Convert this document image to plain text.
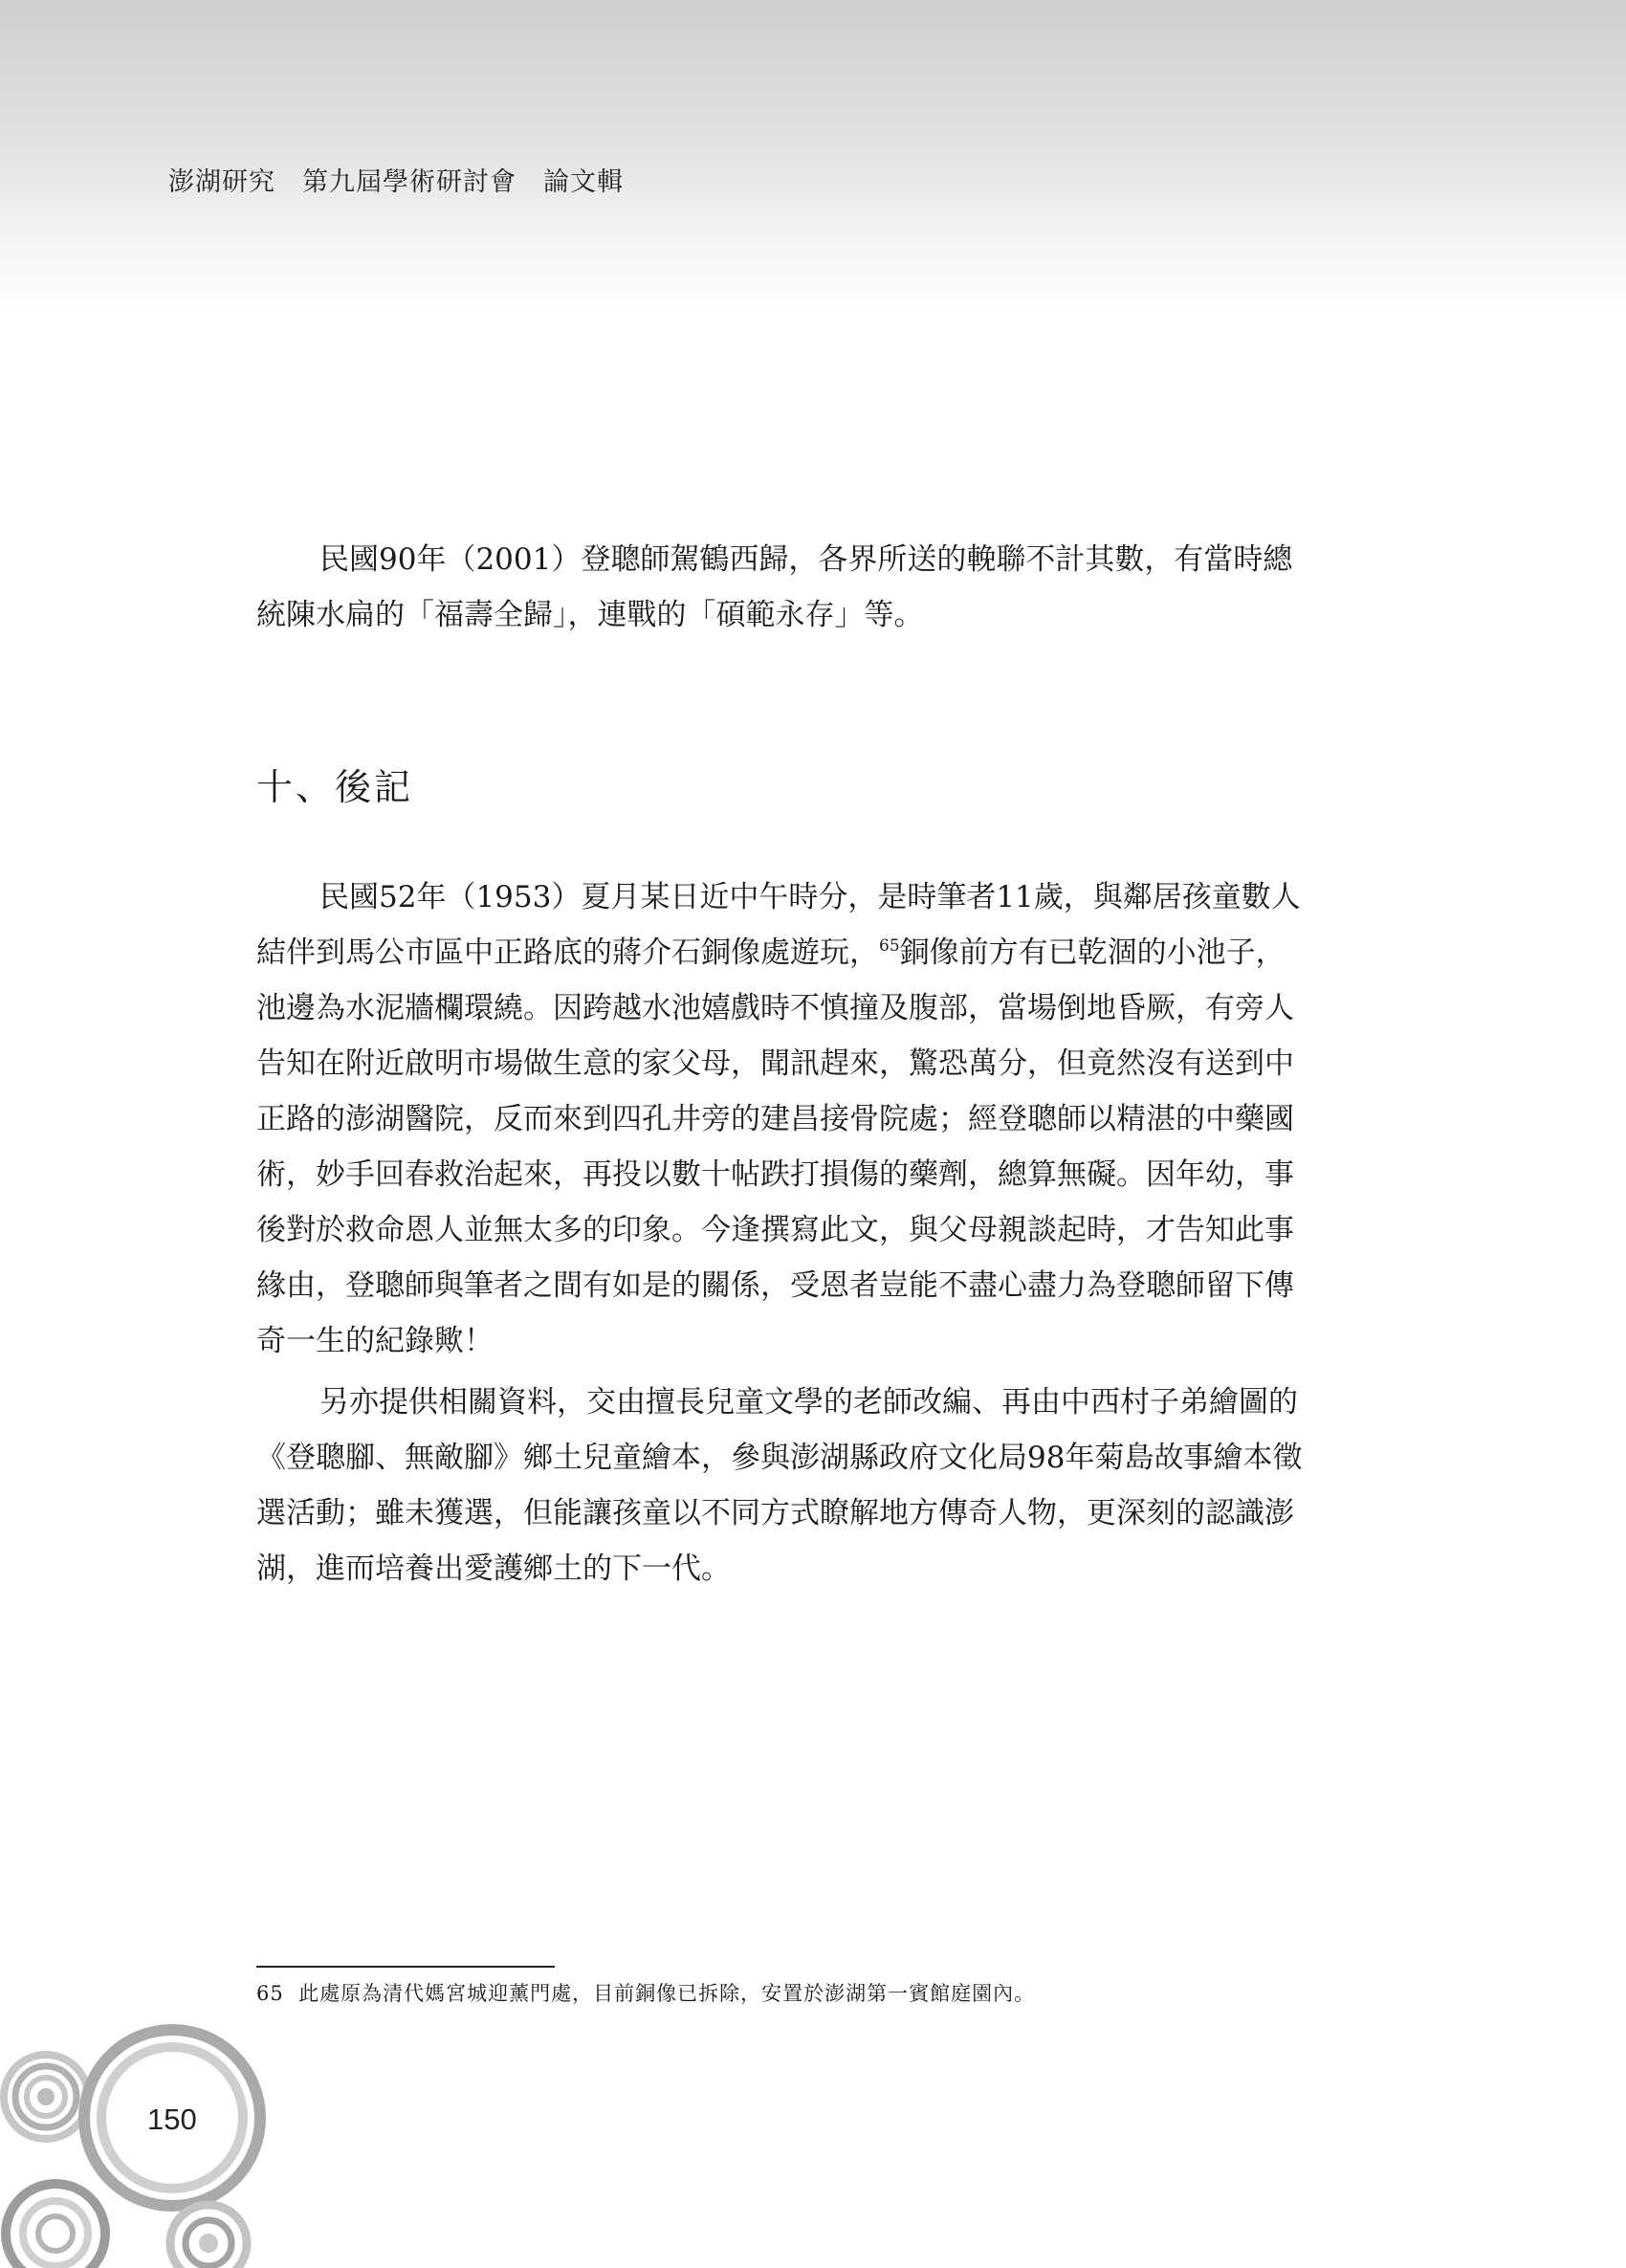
澎湖研究　第九屆學術研討會　論文輯

民國90年（2001）登聰師駕鶴西歸，各界所送的輓聯不計其數，有當時總
統陳水扁的「福壽全歸」，連戰的「碩範永存」等。

十、後記

民國52年（1953）夏月某日近中午時分，是時筆者11歲，與鄰居孩童數人
結伴到馬公市區中正路底的蔣介石銅像處遊玩，$^{65}$銅像前方有已乾涸的小池子，
池邊為水泥牆欄環繞。因跨越水池嬉戲時不慎撞及腹部，當場倒地昏厥，有旁人
告知在附近啟明市場做生意的家父母，聞訊趕來，驚恐萬分，但竟然沒有送到中
正路的澎湖醫院，反而來到四孔井旁的建昌接骨院處；經登聰師以精湛的中藥國
術，妙手回春救治起來，再投以數十帖跌打損傷的藥劑，總算無礙。因年幼，事
後對於救命恩人並無太多的印象。今逢撰寫此文，與父母親談起時，才告知此事
緣由，登聰師與筆者之間有如是的關係，受恩者豈能不盡心盡力為登聰師留下傳
奇一生的紀錄歟！

另亦提供相關資料，交由擅長兒童文學的老師改編、再由中西村子弟繪圖的
《登聰腳、無敵腳》鄉土兒童繪本，參與澎湖縣政府文化局98年菊島故事繪本徵
選活動；雖未獲選，但能讓孩童以不同方式瞭解地方傳奇人物，更深刻的認識澎
湖，進而培養出愛護鄉土的下一代。

65 此處原為清代媽宮城迎薰門處，目前銅像已拆除，安置於澎湖第一賓館庭園內。
150
